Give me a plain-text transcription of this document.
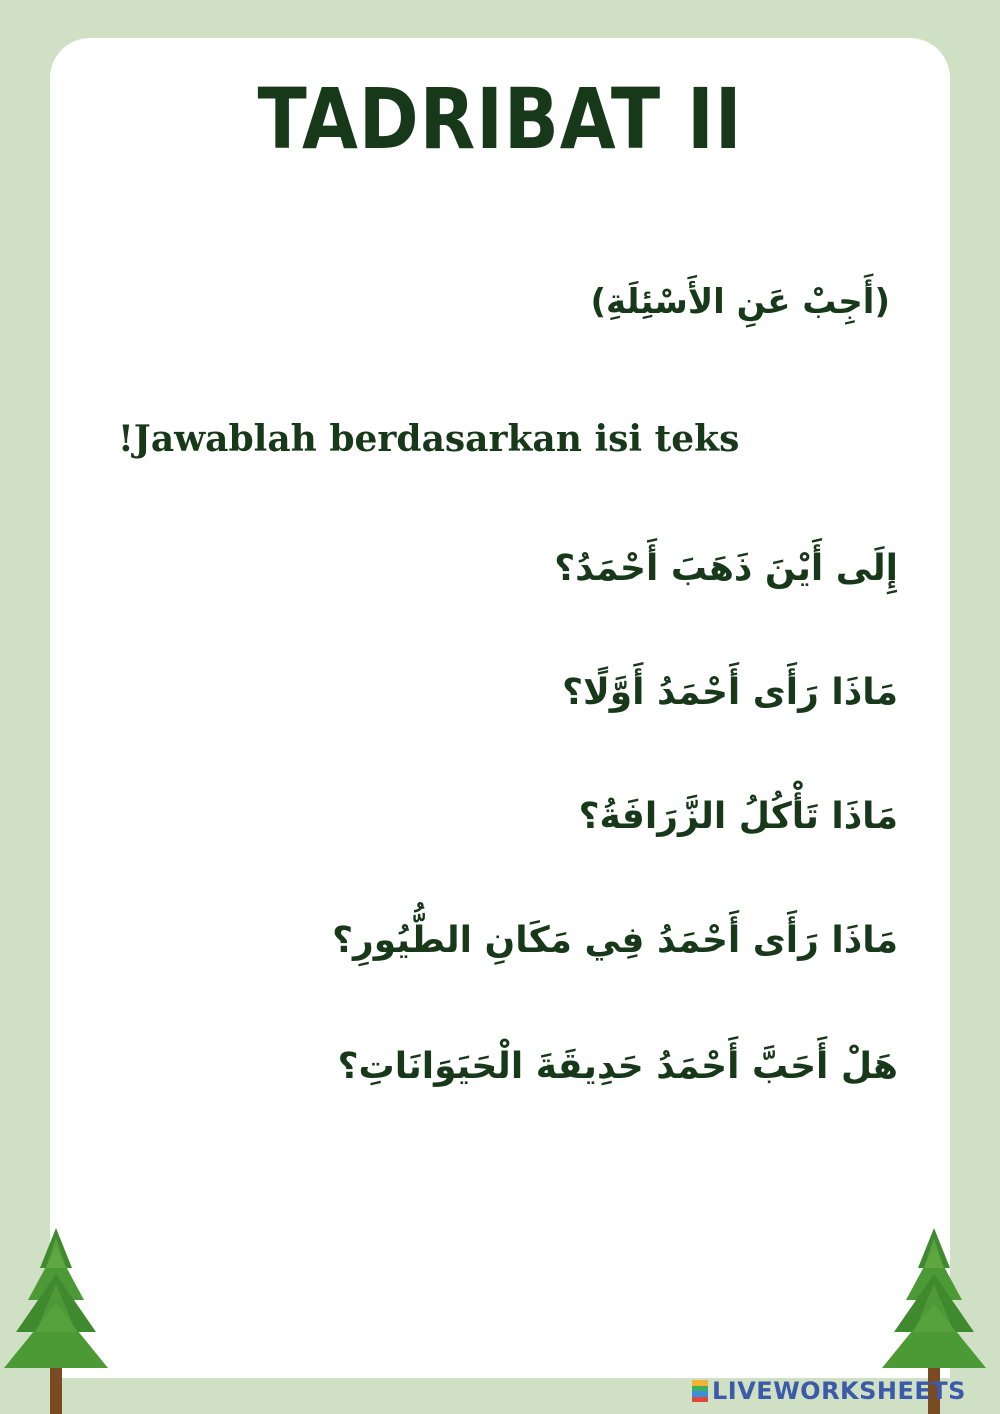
TADRIBAT II
(أَجِبْ عَنِ الأَسْئِلَةِ)
!Jawablah berdasarkan isi teks
إِلَى أَيْنَ ذَهَبَ أَحْمَدُ؟
مَاذَا رَأَى أَحْمَدُ أَوَّلًا؟
مَاذَا تَأْكُلُ الزَّرَافَةُ؟
مَاذَا رَأَى أَحْمَدُ فِي مَكَانِ الطُّيُورِ؟
هَلْ أَحَبَّ أَحْمَدُ حَدِيقَةَ الْحَيَوَانَاتِ؟
LIVEWORKSHEETS
